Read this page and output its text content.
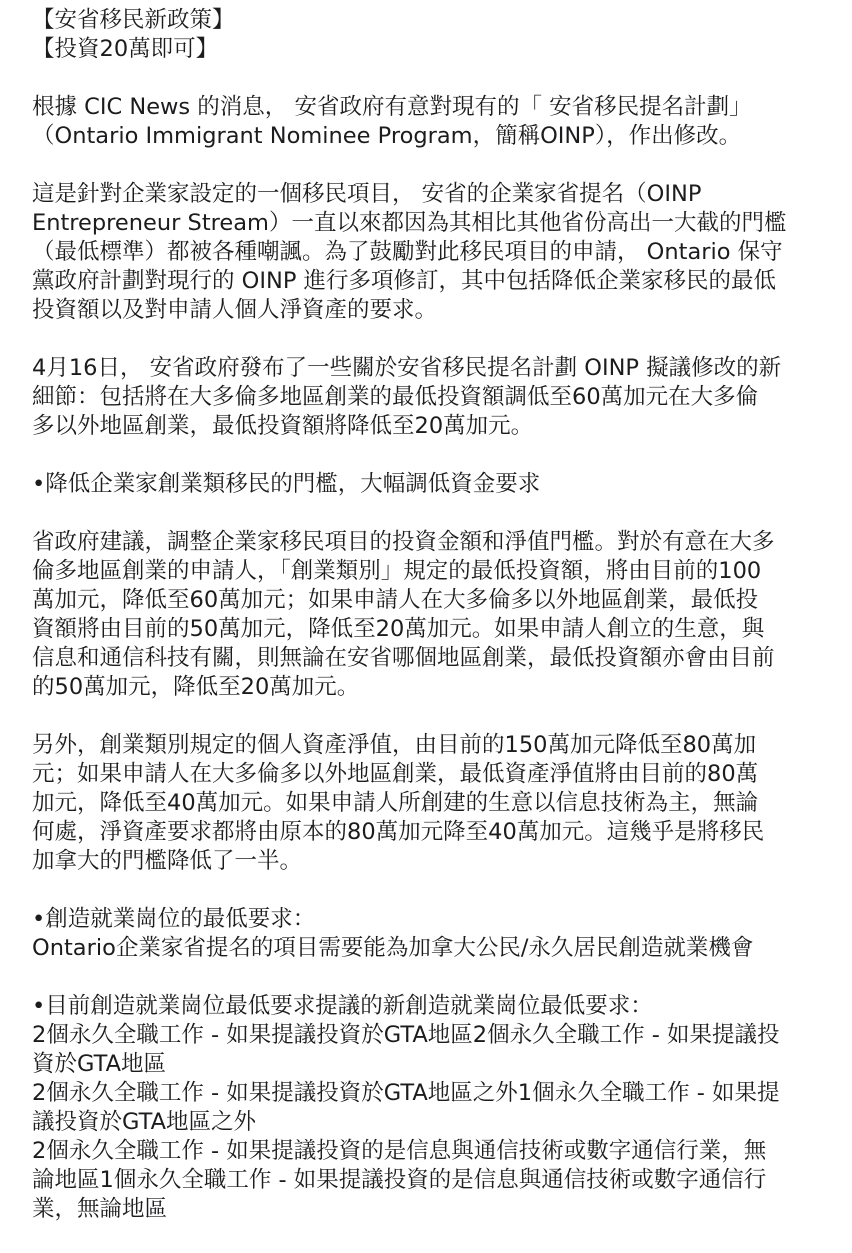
【安省移民新政策】
【投資20萬即可】
根據 CIC News 的消息， 安省政府有意對現有的「 安省移民提名計劃」
（Ontario Immigrant Nominee Program，簡稱OINP），作出修改。
這是針對企業家設定的一個移民項目， 安省的企業家省提名（OINP
Entrepreneur Stream）一直以來都因為其相比其他省份高出一大截的門檻
（最低標準）都被各種嘲諷。為了鼓勵對此移民項目的申請， Ontario 保守
黨政府計劃對現行的 OINP 進行多項修訂，其中包括降低企業家移民的最低
投資額以及對申請人個人淨資產的要求。
4月16日， 安省政府發布了一些關於安省移民提名計劃 OINP 擬議修改的新
細節：包括將在大多倫多地區創業的最低投資額調低至60萬加元在大多倫
多以外地區創業，最低投資額將降低至20萬加元。
•降低企業家創業類移民的門檻，大幅調低資金要求
省政府建議，調整企業家移民項目的投資金額和淨值門檻。對於有意在大多
倫多地區創業的申請人，「創業類別」規定的最低投資額，將由目前的100
萬加元，降低至60萬加元；如果申請人在大多倫多以外地區創業，最低投
資額將由目前的50萬加元，降低至20萬加元。如果申請人創立的生意，與
信息和通信科技有關，則無論在安省哪個地區創業，最低投資額亦會由目前
的50萬加元，降低至20萬加元。
另外，創業類別規定的個人資產淨值，由目前的150萬加元降低至80萬加
元；如果申請人在大多倫多以外地區創業，最低資產淨值將由目前的80萬
加元，降低至40萬加元。如果申請人所創建的生意以信息技術為主，無論
何處，淨資產要求都將由原本的80萬加元降至40萬加元。這幾乎是將移民
加拿大的門檻降低了一半。
•創造就業崗位的最低要求：
Ontario企業家省提名的項目需要能為加拿大公民/永久居民創造就業機會
•目前創造就業崗位最低要求提議的新創造就業崗位最低要求：
2個永久全職工作 - 如果提議投資於GTA地區2個永久全職工作 - 如果提議投
資於GTA地區
2個永久全職工作 - 如果提議投資於GTA地區之外1個永久全職工作 - 如果提
議投資於GTA地區之外
2個永久全職工作 - 如果提議投資的是信息與通信技術或數字通信行業，無
論地區1個永久全職工作 - 如果提議投資的是信息與通信技術或數字通信行
業，無論地區
